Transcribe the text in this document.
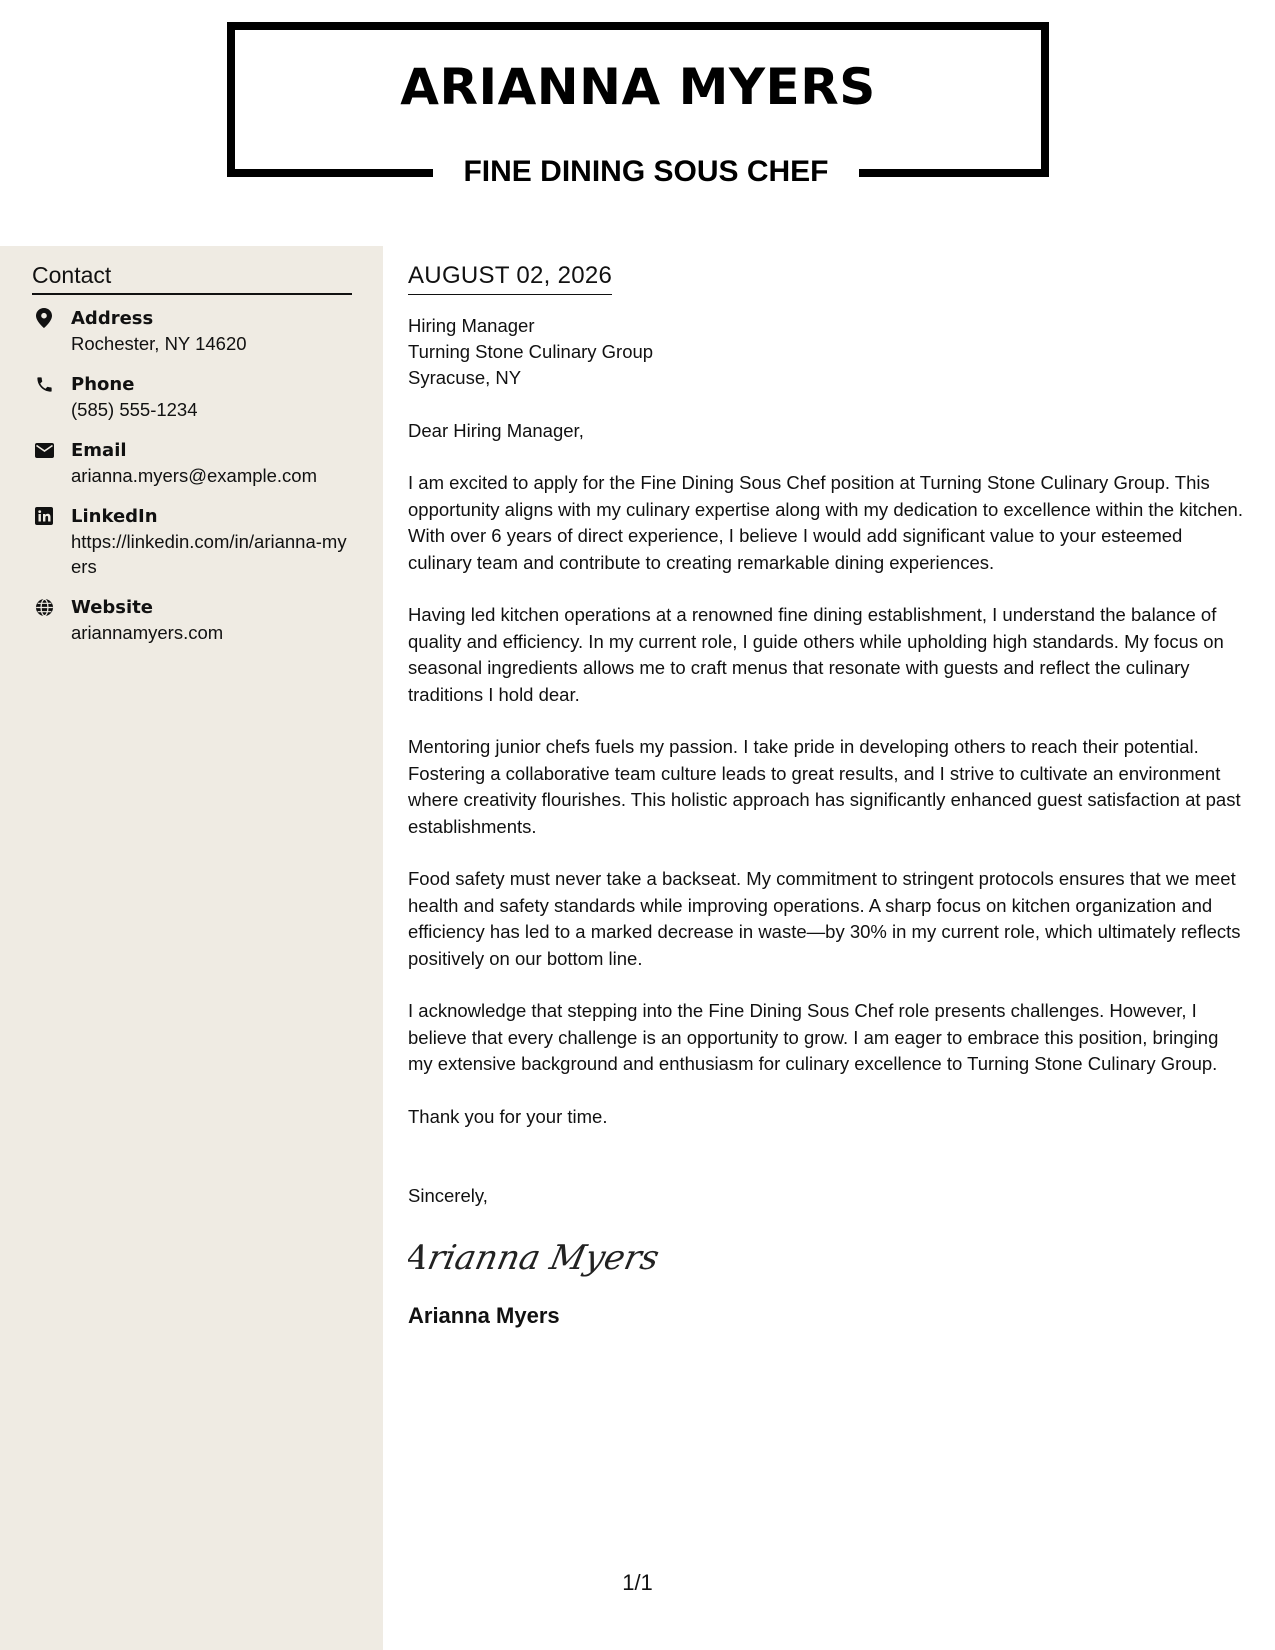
ARIANNA MYERS
FINE DINING SOUS CHEF
Contact
Address
Rochester, NY 14620
Phone
(585) 555-1234
Email
arianna.myers@example.com
LinkedIn
https://linkedin.com/in/arianna-myers
Website
ariannamyers.com
AUGUST 02, 2026
Hiring Manager
Turning Stone Culinary Group
Syracuse, NY
Dear Hiring Manager,

I am excited to apply for the Fine Dining Sous Chef position at Turning Stone Culinary Group. This opportunity aligns with my culinary expertise along with my dedication to excellence within the kitchen. With over 6 years of direct experience, I believe I would add significant value to your esteemed culinary team and contribute to creating remarkable dining experiences.

Having led kitchen operations at a renowned fine dining establishment, I understand the balance of quality and efficiency. In my current role, I guide others while upholding high standards. My focus on seasonal ingredients allows me to craft menus that resonate with guests and reflect the culinary traditions I hold dear.

Mentoring junior chefs fuels my passion. I take pride in developing others to reach their potential. Fostering a collaborative team culture leads to great results, and I strive to cultivate an environment where creativity flourishes. This holistic approach has significantly enhanced guest satisfaction at past establishments.

Food safety must never take a backseat. My commitment to stringent protocols ensures that we meet health and safety standards while improving operations. A sharp focus on kitchen organization and efficiency has led to a marked decrease in waste—by 30% in my current role, which ultimately reflects positively on our bottom line.

I acknowledge that stepping into the Fine Dining Sous Chef role presents challenges. However, I believe that every challenge is an opportunity to grow. I am eager to embrace this position, bringing my extensive background and enthusiasm for culinary excellence to Turning Stone Culinary Group.

Thank you for your time.
Sincerely,
Arianna Myers
Arianna Myers
1/1
